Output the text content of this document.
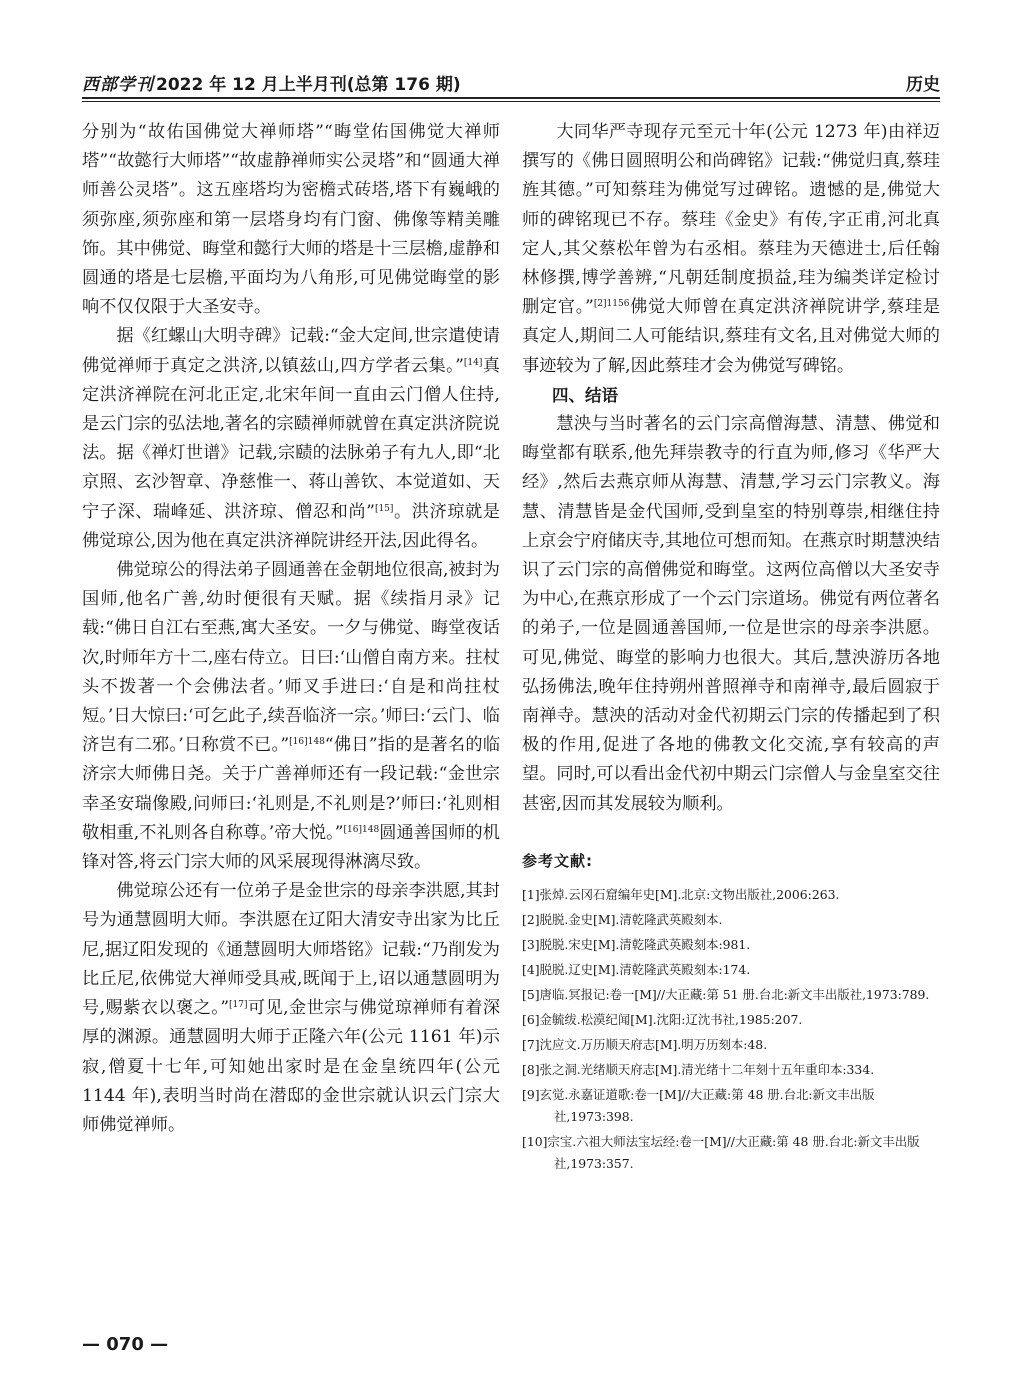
西部学刊 2022 年 12 月上半月刊(总第 176 期)	历史

分别为“故佑国佛觉大禅师塔”“晦堂佑国佛觉大禅师塔”“故懿行大师塔”“故虚静禅师实公灵塔”和“圆通大禅师善公灵塔”。这五座塔均为密檐式砖塔,塔下有巍峨的须弥座,须弥座和第一层塔身均有门窗、佛像等精美雕饰。其中佛觉、晦堂和懿行大师的塔是十三层檐,虚静和圆通的塔是七层檐,平面均为八角形,可见佛觉晦堂的影响不仅仅限于大圣安寺。

据《红螺山大明寺碑》记载:“金大定间,世宗遣使请佛觉禅师于真定之洪济,以镇兹山,四方学者云集。”[14]真定洪济禅院在河北正定,北宋年间一直由云门僧人住持,是云门宗的弘法地,著名的宗赜禅师就曾在真定洪济院说法。据《禅灯世谱》记载,宗赜的法脉弟子有九人,即“北京照、玄沙智章、净慈惟一、蒋山善钦、本觉道如、天宁子深、瑞峰延、洪济琼、僧忍和尚”[15]。洪济琼就是佛觉琼公,因为他在真定洪济禅院讲经开法,因此得名。

佛觉琼公的得法弟子圆通善在金朝地位很高,被封为国师,他名广善,幼时便很有天赋。据《续指月录》记载:“佛日自江右至燕,寓大圣安。一夕与佛觉、晦堂夜话次,时师年方十二,座右侍立。日曰:‘山僧自南方来。拄杖头不拨著一个会佛法者。’师叉手进曰:‘自是和尚拄杖短。’日大惊曰:‘可乞此子,续吾临济一宗。’师曰:‘云门、临济岂有二邪。’日称赏不已。”$^{[16]148}$“佛日”指的是著名的临济宗大师佛日尧。关于广善禅师还有一段记载:“金世宗幸圣安瑞像殿,问师曰:‘礼则是,不礼则是?’师曰:‘礼则相敬相重,不礼则各自称尊。’帝大悦。”$^{[16]148}$圆通善国师的机锋对答,将云门宗大师的风采展现得淋漓尽致。

佛觉琼公还有一位弟子是金世宗的母亲李洪愿,其封号为通慧圆明大师。李洪愿在辽阳大清安寺出家为比丘尼,据辽阳发现的《通慧圆明大师塔铭》记载:“乃削发为比丘尼,依佛觉大禅师受具戒,既闻于上,诏以通慧圆明为号,赐紫衣以褒之。”[17]可见,金世宗与佛觉琼禅师有着深厚的渊源。通慧圆明大师于正隆六年(公元 1161 年)示寂,僧夏十七年,可知她出家时是在金皇统四年(公元 1144 年),表明当时尚在潜邸的金世宗就认识云门宗大师佛觉禅师。

大同华严寺现存元至元十年(公元 1273 年)由祥迈撰写的《佛日圆照明公和尚碑铭》记载:“佛觉归真,蔡珪旌其德。”可知蔡珪为佛觉写过碑铭。遗憾的是,佛觉大师的碑铭现已不存。蔡珪《金史》有传,字正甫,河北真定人,其父蔡松年曾为右丞相。蔡珪为天德进士,后任翰林修撰,博学善辨,“凡朝廷制度损益,珪为编类详定检讨删定官。”$^{[2]1156}$佛觉大师曾在真定洪济禅院讲学,蔡珪是真定人,期间二人可能结识,蔡珪有文名,且对佛觉大师的事迹较为了解,因此蔡珪才会为佛觉写碑铭。

四、结语

慧泱与当时著名的云门宗高僧海慧、清慧、佛觉和晦堂都有联系,他先拜崇教寺的行直为师,修习《华严大经》,然后去燕京师从海慧、清慧,学习云门宗教义。海慧、清慧皆是金代国师,受到皇室的特别尊崇,相继住持上京会宁府储庆寺,其地位可想而知。在燕京时期慧泱结识了云门宗的高僧佛觉和晦堂。这两位高僧以大圣安寺为中心,在燕京形成了一个云门宗道场。佛觉有两位著名的弟子,一位是圆通善国师,一位是世宗的母亲李洪愿。可见,佛觉、晦堂的影响力也很大。其后,慧泱游历各地弘扬佛法,晚年住持朔州普照禅寺和南禅寺,最后圆寂于南禅寺。慧泱的活动对金代初期云门宗的传播起到了积极的作用,促进了各地的佛教文化交流,享有较高的声望。同时,可以看出金代初中期云门宗僧人与金皇室交往甚密,因而其发展较为顺利。

参考文献:
[1]张焯.云冈石窟编年史[M].北京:文物出版社,2006:263.
[2]脱脱.金史[M].清乾隆武英殿刻本.
[3]脱脱.宋史[M].清乾隆武英殿刻本:981.
[4]脱脱.辽史[M].清乾隆武英殿刻本:174.
[5]唐临.冥报记:卷一[M]//大正藏:第 51 册.台北:新文丰出版社,1973:789.
[6]金毓绂.松漠纪闻[M].沈阳:辽沈书社,1985:207.
[7]沈应文.万历顺天府志[M].明万历刻本:48.
[8]张之洞.光绪顺天府志[M].清光绪十二年刻十五年重印本:334.
[9]玄觉.永嘉证道歌:卷一[M]//大正藏:第 48 册.台北:新文丰出版社,1973:398.
[10]宗宝.六祖大师法宝坛经:卷一[M]//大正藏:第 48 册.台北:新文丰出版社,1973:357.
— 070 —
